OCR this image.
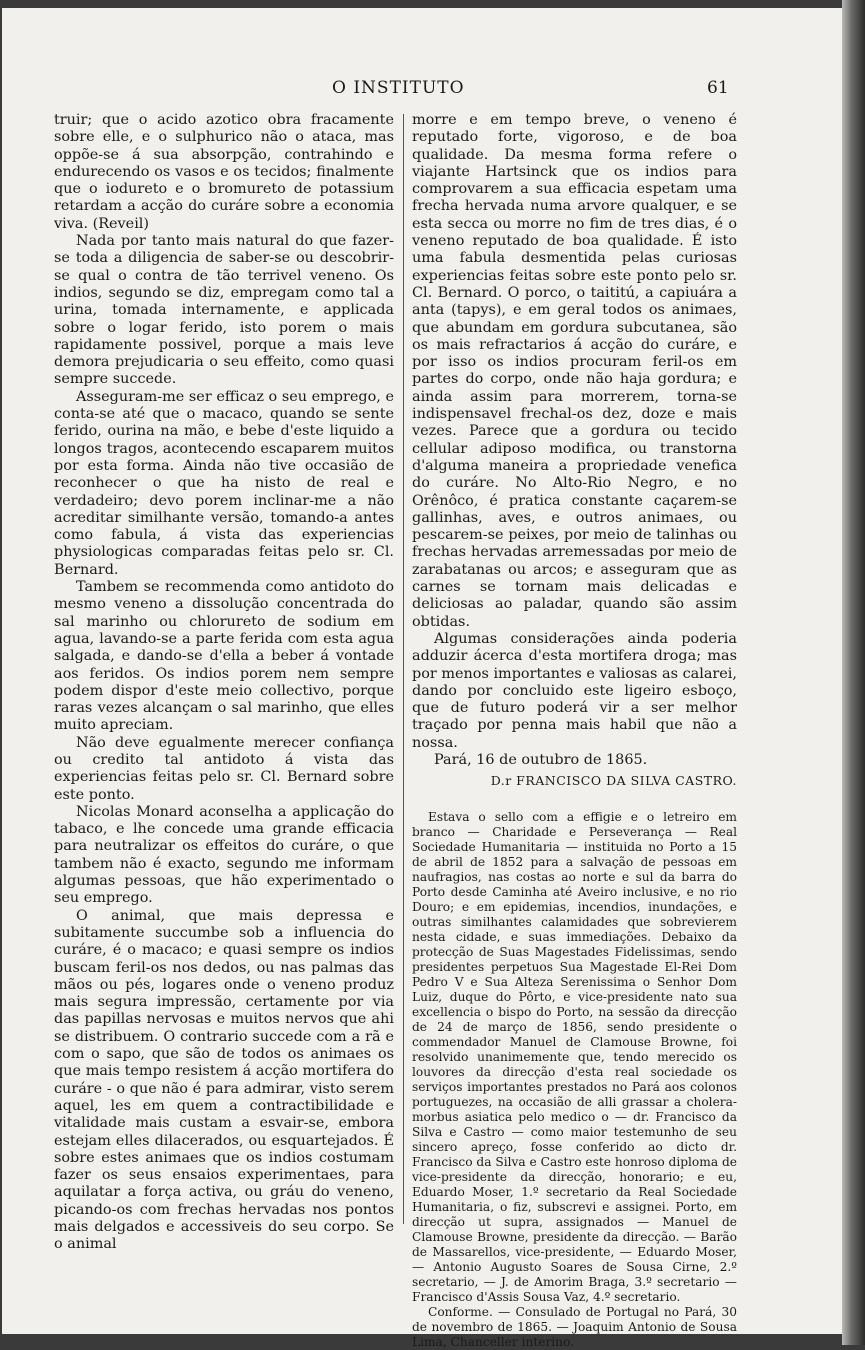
O INSTITUTO	61

truir; que o acido azotico obra fracamente sobre elle, e o sulphurico não o ataca, mas oppõe-se á sua absorpção, contrahindo e endurecendo os vasos e os tecidos; finalmente que o iodureto e o bromureto de potassium retardam a acção do curáre sobre a economia viva. (Reveil)

Nada por tanto mais natural do que fazer-se toda a diligencia de saber-se ou descobrir-se qual o contra de tão terrivel veneno. Os indios, segundo se diz, empregam como tal a urina, tomada internamente, e applicada sobre o logar ferido, isto porem o mais rapidamente possivel, porque a mais leve demora prejudicaria o seu effeito, como quasi sempre succede.

Asseguram-me ser efficaz o seu emprego, e conta-se até que o macaco, quando se sente ferido, ourina na mão, e bebe d'este liquido a longos tragos, acontecendo escaparem muitos por esta forma. Ainda não tive occasião de reconhecer o que ha nisto de real e verdadeiro; devo porem inclinar-me a não acreditar similhante versão, tomando-a antes como fabula, á vista das experiencias physiologicas comparadas feitas pelo sr. Cl. Bernard.

Tambem se recommenda como antidoto do mesmo veneno a dissolução concentrada do sal marinho ou chlorureto de sodium em agua, lavando-se a parte ferida com esta agua salgada, e dando-se d'ella a beber á vontade aos feridos. Os indios porem nem sempre podem dispor d'este meio collectivo, porque raras vezes alcançam o sal marinho, que elles muito apreciam.

Não deve egualmente merecer confiança ou credito tal antidoto á vista das experiencias feitas pelo sr. Cl. Bernard sobre este ponto.

Nicolas Monard aconselha a applicação do tabaco, e lhe concede uma grande efficacia para neutralizar os effeitos do curáre, o que tambem não é exacto, segundo me informam algumas pessoas, que hão experimentado o seu emprego.

O animal, que mais depressa e subitamente succumbe sob a influencia do curáre, é o macaco; e quasi sempre os indios buscam feril-os nos dedos, ou nas palmas das mãos ou pés, logares onde o veneno produz mais segura impressão, certamente por via das papillas nervosas e muitos nervos que ahi se distribuem. O contrario succede com a rã e com o sapo, que são de todos os animaes os que mais tempo resistem á acção mortifera do curáre - o que não é para admirar, visto serem aquel, les em quem a contractibilidade e vitalidade mais custam a esvair-se, embora estejam elles dilacerados, ou esquartejados. É sobre estes animaes que os indios costumam fazer os seus ensaios experimentaes, para aquilatar a força activa, ou gráu do veneno, picando-os com frechas hervadas nos pontos mais delgados e accessiveis do seu corpo. Se o animal

morre e em tempo breve, o veneno é reputado forte, vigoroso, e de boa qualidade. Da mesma forma refere o viajante Hartsinck que os indios para comprovarem a sua efficacia espetam uma frecha hervada numa arvore qualquer, e se esta secca ou morre no fim de tres dias, é o veneno reputado de boa qualidade. É isto uma fabula desmentida pelas curiosas experiencias feitas sobre este ponto pelo sr. Cl. Bernard. O porco, o taititú, a capiuára a anta (tapys), e em geral todos os animaes, que abundam em gordura subcutanea, são os mais refractarios á acção do curáre, e por isso os indios procuram feril-os em partes do corpo, onde não haja gordura; e ainda assim para morrerem, torna-se indispensavel frechal-os dez, doze e mais vezes. Parece que a gordura ou tecido cellular adiposo modifica, ou transtorna d'alguma maneira a propriedade venefica do curáre. No Alto-Rio Negro, e no Orênôco, é pratica constante caçarem-se gallinhas, aves, e outros animaes, ou pescarem-se peixes, por meio de talinhas ou frechas hervadas arremessadas por meio de zarabatanas ou arcos; e asseguram que as carnes se tornam mais delicadas e deliciosas ao paladar, quando são assim obtidas.

Algumas considerações ainda poderia adduzir ácerca d'esta mortifera droga; mas por menos importantes e valiosas as calarei, dando por concluido este ligeiro esboço, que de futuro poderá vir a ser melhor traçado por penna mais habil que não a nossa.

Pará, 16 de outubro de 1865.

D.r FRANCISCO DA SILVA CASTRO.

Estava o sello com a effigie e o letreiro em branco — Charidade e Perseverança — Real Sociedade Humanitaria — instituida no Porto a 15 de abril de 1852 para a salvação de pessoas em naufragios, nas costas ao norte e sul da barra do Porto desde Caminha até Aveiro inclusive, e no rio Douro; e em epidemias, incendios, inundações, e outras similhantes calamidades que sobrevierem nesta cidade, e suas immediações. Debaixo da protecção de Suas Magestades Fidelissimas, sendo presidentes perpetuos Sua Magestade El-Rei Dom Pedro V e Sua Alteza Serenissima o Senhor Dom Luiz, duque do Pôrto, e vice-presidente nato sua excellencia o bispo do Porto, na sessão da direcção de 24 de março de 1856, sendo presidente o commendador Manuel de Clamouse Browne, foi resolvido unanimemente que, tendo merecido os louvores da direcção d'esta real sociedade os serviços importantes prestados no Pará aos colonos portuguezes, na occasião de alli grassar a cholera-morbus asiatica pelo medico o — dr. Francisco da Silva e Castro — como maior testemunho de seu sincero apreço, fosse conferido ao dicto dr. Francisco da Silva e Castro este honroso diploma de vice-presidente da direcção, honorario; e eu, Eduardo Moser, 1.º secretario da Real Sociedade Humanitaria, o fiz, subscrevi e assignei. Porto, em direcção ut supra, assignados — Manuel de Clamouse Browne, presidente da direcção. — Barão de Massarellos, vice-presidente, — Eduardo Moser, — Antonio Augusto Soares de Sousa Cirne, 2.º secretario, — J. de Amorim Braga, 3.º secretario — Francisco d'Assis Sousa Vaz, 4.º secretario.

Conforme. — Consulado de Portugal no Pará, 30 de novembro de 1865. — Joaquim Antonio de Sousa Lima, Chanceller interino.
